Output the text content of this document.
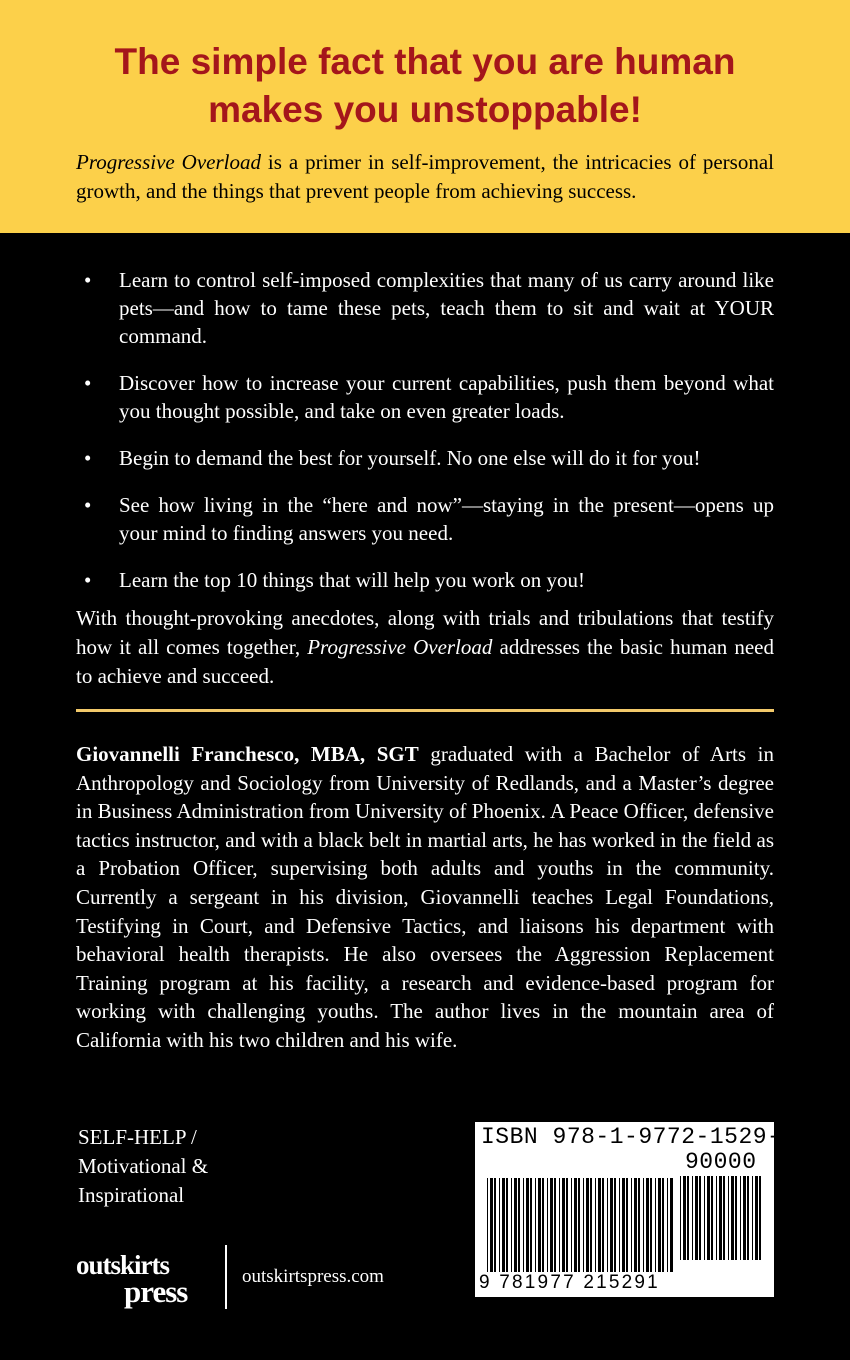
The simple fact that you are human
makes you unstoppable!
Progressive Overload is a primer in self-improvement, the intricacies of personal growth, and the things that prevent people from achieving success.
• Learn to control self-imposed complexities that many of us carry around like pets—and how to tame these pets, teach them to sit and wait at YOUR command.
• Discover how to increase your current capabilities, push them beyond what you thought possible, and take on even greater loads.
• Begin to demand the best for yourself. No one else will do it for you!
• See how living in the “here and now”—staying in the present—opens up your mind to finding answers you need.
• Learn the top 10 things that will help you work on you!
With thought-provoking anecdotes, along with trials and tribulations that testify how it all comes together, Progressive Overload addresses the basic human need to achieve and succeed.
Giovannelli Franchesco, MBA, SGT graduated with a Bachelor of Arts in Anthropology and Sociology from University of Redlands, and a Master’s degree in Business Administration from University of Phoenix. A Peace Officer, defensive tactics instructor, and with a black belt in martial arts, he has worked in the field as a Probation Officer, supervising both adults and youths in the community. Currently a sergeant in his division, Giovannelli teaches Legal Foundations, Testifying in Court, and Defensive Tactics, and liaisons his department with behavioral health therapists. He also oversees the Aggression Replacement Training program at his facility, a research and evidence-based program for working with challenging youths. The author lives in the mountain area of California with his two children and his wife.
SELF-HELP /
Motivational &
Inspirational
outskirts
press	outskirtspress.com
ISBN 978-1-9772-1529-1
90000
9 781977 215291
